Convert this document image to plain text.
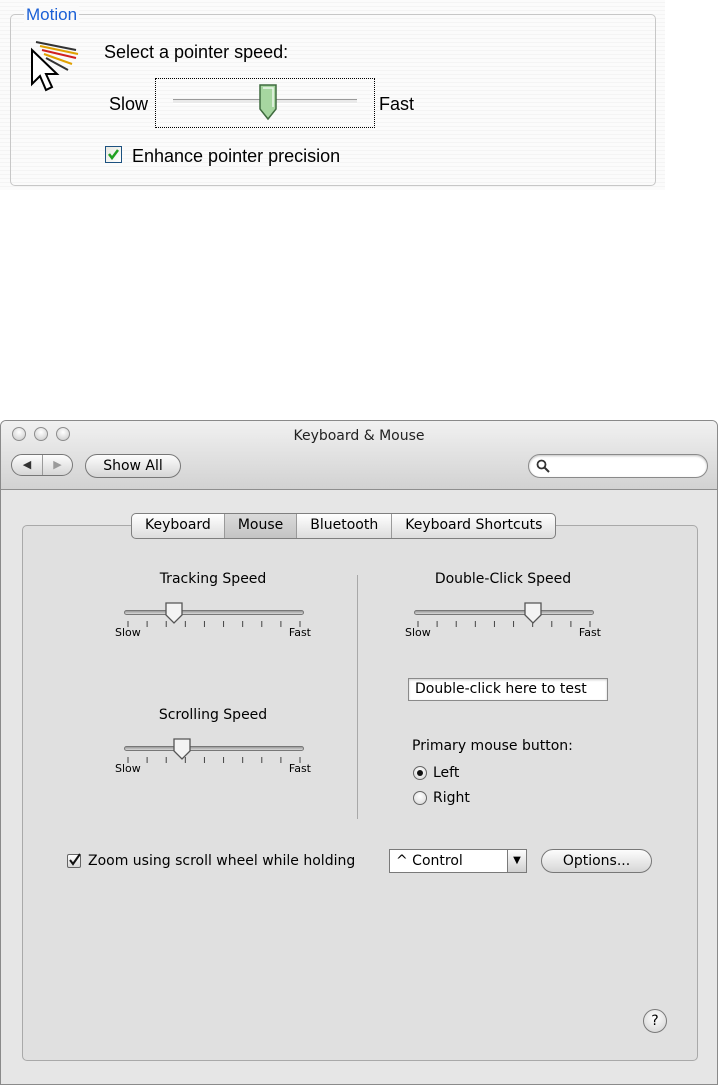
Motion
Select a pointer speed:
Slow	Fast
Enhance pointer precision
Keyboard & Mouse
◀	▶	Show All
Keyboard	Mouse	Bluetooth	Keyboard Shortcuts
Tracking Speed
Slow	Fast
Scrolling Speed
Slow	Fast
Double-Click Speed
Slow	Fast
Double-click here to test
Primary mouse button:
Left
Right
Zoom using scroll wheel while holding	^ Control	▼	Options...
?
